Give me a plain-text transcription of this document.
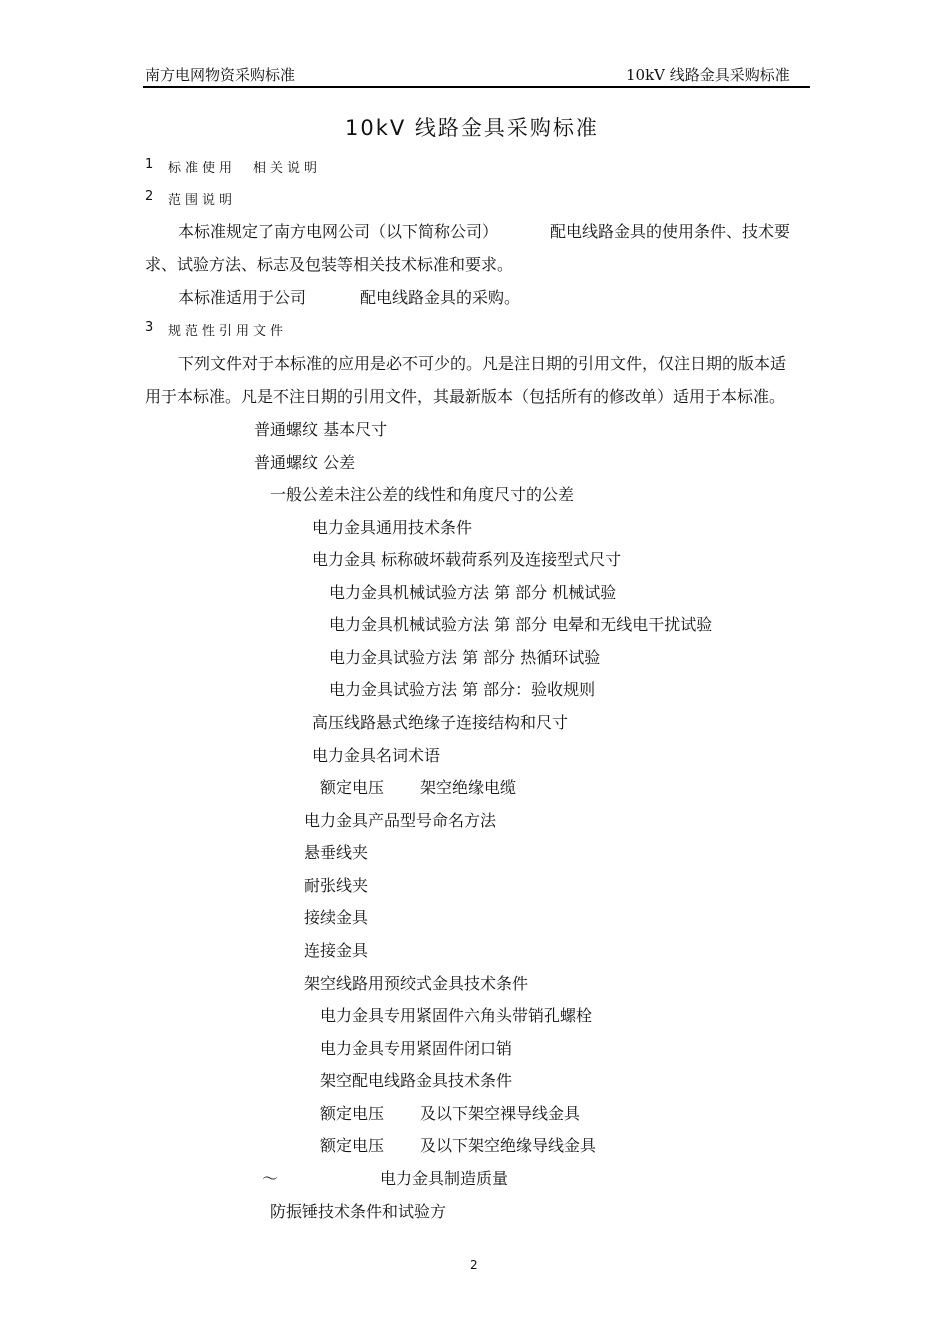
南方电网物资采购标准	10kV 线路金具采购标准
10kV 线路金具采购标准
1 标准使用 相关说明
2 范围说明
本标准规定了南方电网公司（以下简称公司）	配电线路金具的使用条件、技术要
求、试验方法、标志及包装等相关技术标准和要求。
本标准适用于公司	配电线路金具的采购。
3 规范性引用文件
下列文件对于本标准的应用是必不可少的。凡是注日期的引用文件，仅注日期的版本适
用于本标准。凡是不注日期的引用文件，其最新版本（包括所有的修改单）适用于本标准。
普通螺纹 基本尺寸
普通螺纹 公差
一般公差未注公差的线性和角度尺寸的公差
电力金具通用技术条件
电力金具 标称破坏载荷系列及连接型式尺寸
电力金具机械试验方法 第 部分 机械试验
电力金具机械试验方法 第 部分 电晕和无线电干扰试验
电力金具试验方法 第 部分 热循环试验
电力金具试验方法 第 部分：验收规则
高压线路悬式绝缘子连接结构和尺寸
电力金具名词术语
额定电压 架空绝缘电缆
电力金具产品型号命名方法
悬垂线夹
耐张线夹
接续金具
连接金具
架空线路用预绞式金具技术条件
电力金具专用紧固件六角头带销孔螺栓
电力金具专用紧固件闭口销
架空配电线路金具技术条件
额定电压 及以下架空裸导线金具
额定电压 及以下架空绝缘导线金具
～	电力金具制造质量
防振锤技术条件和试验方
2
